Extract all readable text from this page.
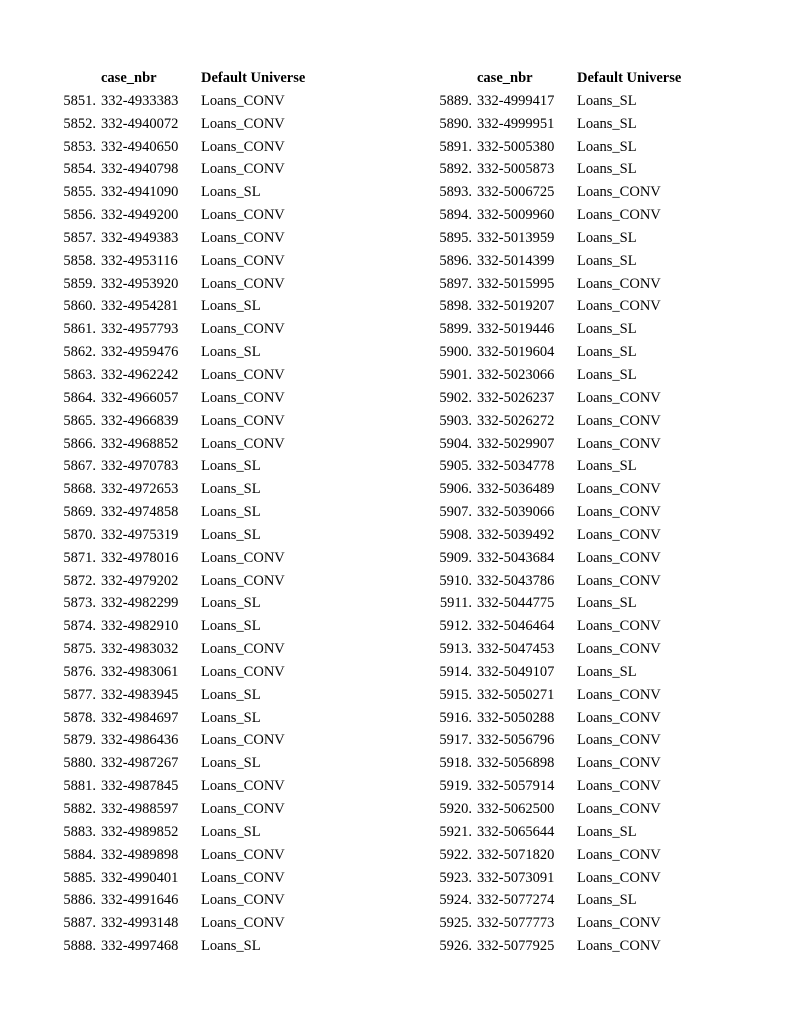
case_nbr	Default Universe
5851. 332-4933383 Loans_CONV
5852. 332-4940072 Loans_CONV
5853. 332-4940650 Loans_CONV
5854. 332-4940798 Loans_CONV
5855. 332-4941090 Loans_SL
5856. 332-4949200 Loans_CONV
5857. 332-4949383 Loans_CONV
5858. 332-4953116 Loans_CONV
5859. 332-4953920 Loans_CONV
5860. 332-4954281 Loans_SL
5861. 332-4957793 Loans_CONV
5862. 332-4959476 Loans_SL
5863. 332-4962242 Loans_CONV
5864. 332-4966057 Loans_CONV
5865. 332-4966839 Loans_CONV
5866. 332-4968852 Loans_CONV
5867. 332-4970783 Loans_SL
5868. 332-4972653 Loans_SL
5869. 332-4974858 Loans_SL
5870. 332-4975319 Loans_SL
5871. 332-4978016 Loans_CONV
5872. 332-4979202 Loans_CONV
5873. 332-4982299 Loans_SL
5874. 332-4982910 Loans_SL
5875. 332-4983032 Loans_CONV
5876. 332-4983061 Loans_CONV
5877. 332-4983945 Loans_SL
5878. 332-4984697 Loans_SL
5879. 332-4986436 Loans_CONV
5880. 332-4987267 Loans_SL
5881. 332-4987845 Loans_CONV
5882. 332-4988597 Loans_CONV
5883. 332-4989852 Loans_SL
5884. 332-4989898 Loans_CONV
5885. 332-4990401 Loans_CONV
5886. 332-4991646 Loans_CONV
5887. 332-4993148 Loans_CONV
5888. 332-4997468 Loans_SL
case_nbr	Default Universe
5889. 332-4999417 Loans_SL
5890. 332-4999951 Loans_SL
5891. 332-5005380 Loans_SL
5892. 332-5005873 Loans_SL
5893. 332-5006725 Loans_CONV
5894. 332-5009960 Loans_CONV
5895. 332-5013959 Loans_SL
5896. 332-5014399 Loans_SL
5897. 332-5015995 Loans_CONV
5898. 332-5019207 Loans_CONV
5899. 332-5019446 Loans_SL
5900. 332-5019604 Loans_SL
5901. 332-5023066 Loans_SL
5902. 332-5026237 Loans_CONV
5903. 332-5026272 Loans_CONV
5904. 332-5029907 Loans_CONV
5905. 332-5034778 Loans_SL
5906. 332-5036489 Loans_CONV
5907. 332-5039066 Loans_CONV
5908. 332-5039492 Loans_CONV
5909. 332-5043684 Loans_CONV
5910. 332-5043786 Loans_CONV
5911. 332-5044775 Loans_SL
5912. 332-5046464 Loans_CONV
5913. 332-5047453 Loans_CONV
5914. 332-5049107 Loans_SL
5915. 332-5050271 Loans_CONV
5916. 332-5050288 Loans_CONV
5917. 332-5056796 Loans_CONV
5918. 332-5056898 Loans_CONV
5919. 332-5057914 Loans_CONV
5920. 332-5062500 Loans_CONV
5921. 332-5065644 Loans_SL
5922. 332-5071820 Loans_CONV
5923. 332-5073091 Loans_CONV
5924. 332-5077274 Loans_SL
5925. 332-5077773 Loans_CONV
5926. 332-5077925 Loans_CONV
